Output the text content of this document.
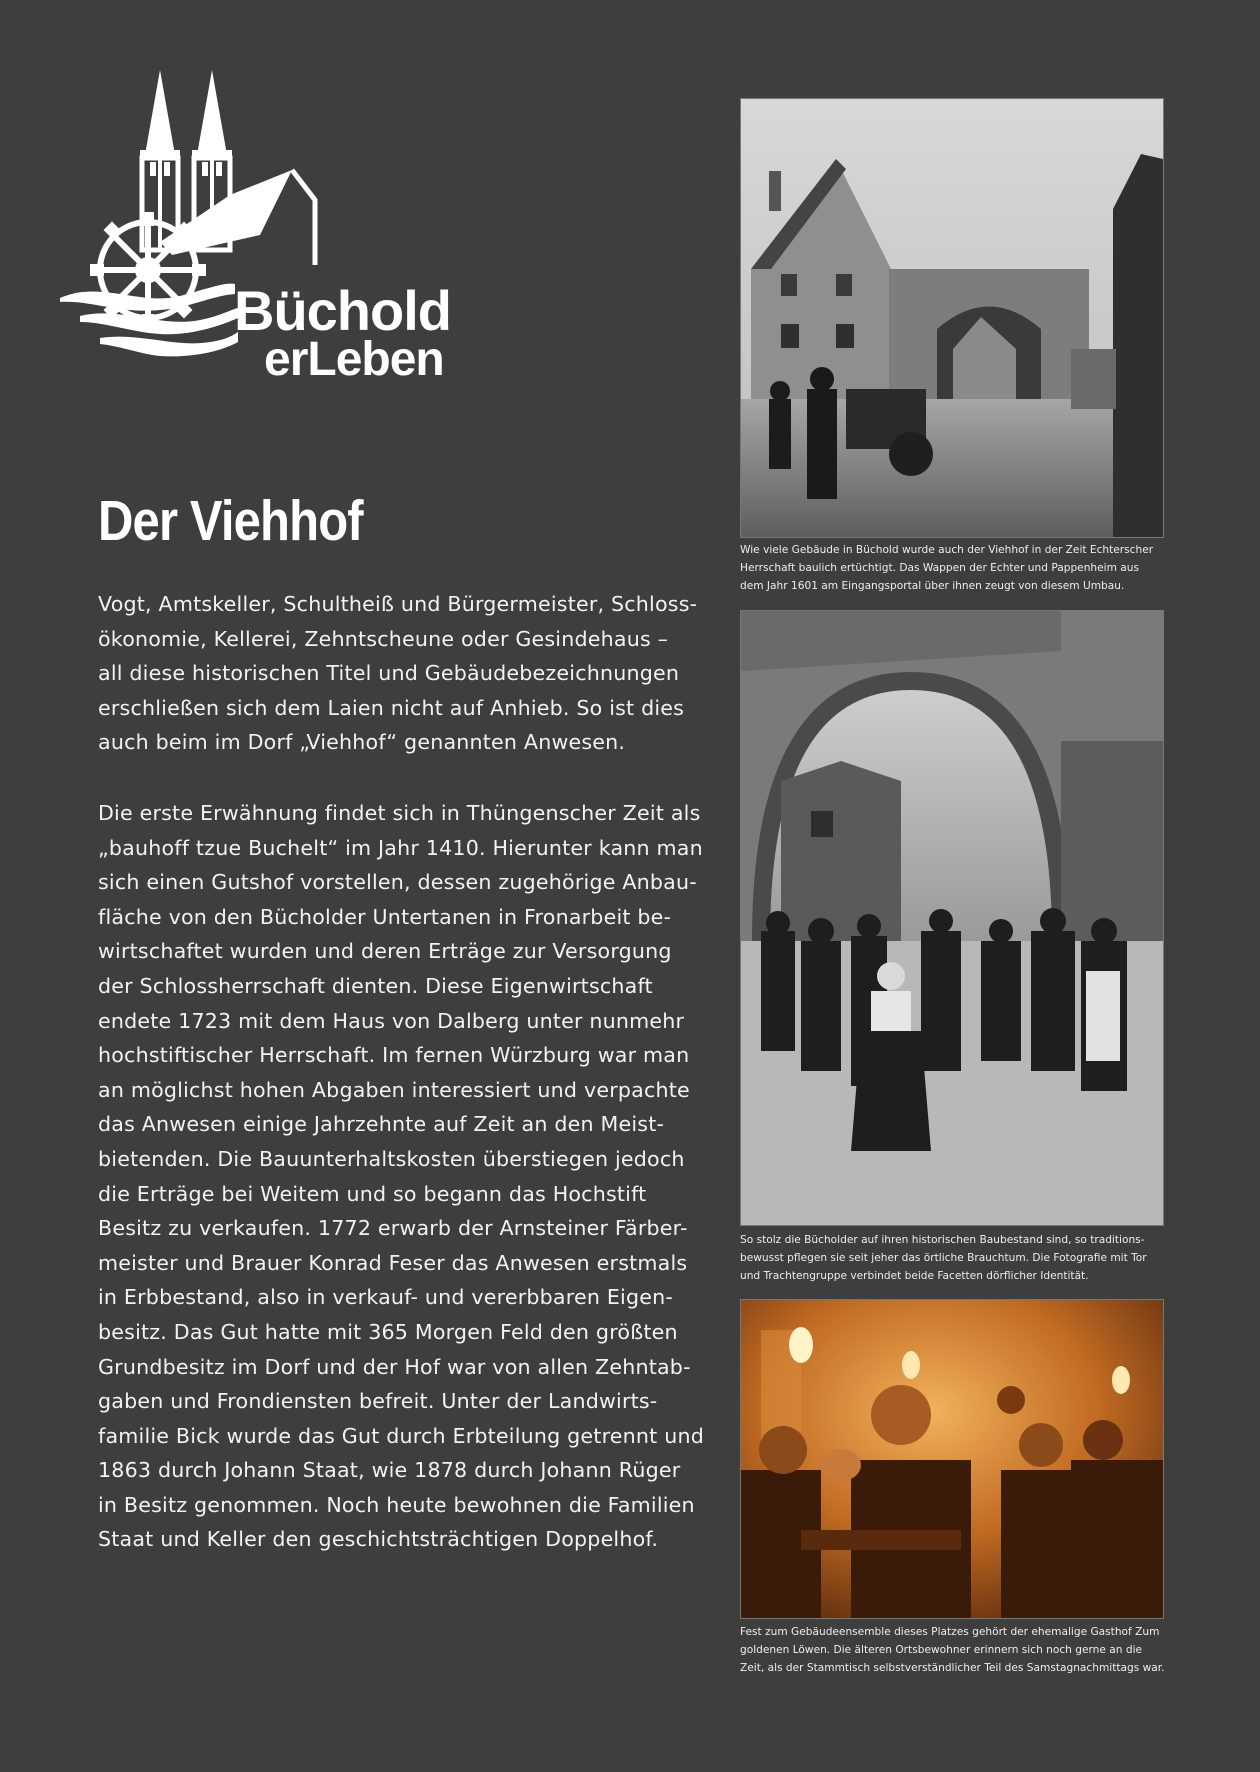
Büchold
erLeben
Der Viehhof

Vogt, Amtskeller, Schultheiß und Bürgermeister, Schloss-
ökonomie, Kellerei, Zehntscheune oder Gesindehaus –
all diese historischen Titel und Gebäudebezeichnungen
erschließen sich dem Laien nicht auf Anhieb. So ist dies
auch beim im Dorf „Viehhof“ genannten Anwesen.

Die erste Erwähnung findet sich in Thüngenscher Zeit als
„bauhoff tzue Buchelt“ im Jahr 1410. Hierunter kann man
sich einen Gutshof vorstellen, dessen zugehörige Anbau-
fläche von den Bücholder Untertanen in Fronarbeit be-
wirtschaftet wurden und deren Erträge zur Versorgung
der Schlossherrschaft dienten. Diese Eigenwirtschaft
endete 1723 mit dem Haus von Dalberg unter nunmehr
hochstiftischer Herrschaft. Im fernen Würzburg war man
an möglichst hohen Abgaben interessiert und verpachte
das Anwesen einige Jahrzehnte auf Zeit an den Meist-
bietenden. Die Bauunterhaltskosten überstiegen jedoch
die Erträge bei Weitem und so begann das Hochstift
Besitz zu verkaufen. 1772 erwarb der Arnsteiner Färber-
meister und Brauer Konrad Feser das Anwesen erstmals
in Erbbestand, also in verkauf- und vererbbaren Eigen-
besitz. Das Gut hatte mit 365 Morgen Feld den größten
Grundbesitz im Dorf und der Hof war von allen Zehntab-
gaben und Frondiensten befreit. Unter der Landwirts-
familie Bick wurde das Gut durch Erbteilung getrennt und
1863 durch Johann Staat, wie 1878 durch Johann Rüger
in Besitz genommen. Noch heute bewohnen die Familien
Staat und Keller den geschichtsträchtigen Doppelhof.

Wie viele Gebäude in Büchold wurde auch der Viehhof in der Zeit Echterscher
Herrschaft baulich ertüchtigt. Das Wappen der Echter und Pappenheim aus
dem Jahr 1601 am Eingangsportal über ihnen zeugt von diesem Umbau.

So stolz die Bücholder auf ihren historischen Baubestand sind, so traditions-
bewusst pflegen sie seit jeher das örtliche Brauchtum. Die Fotografie mit Tor
und Trachtengruppe verbindet beide Facetten dörflicher Identität.

Fest zum Gebäudeensemble dieses Platzes gehört der ehemalige Gasthof Zum
goldenen Löwen. Die älteren Ortsbewohner erinnern sich noch gerne an die
Zeit, als der Stammtisch selbstverständlicher Teil des Samstagnachmittags war.
